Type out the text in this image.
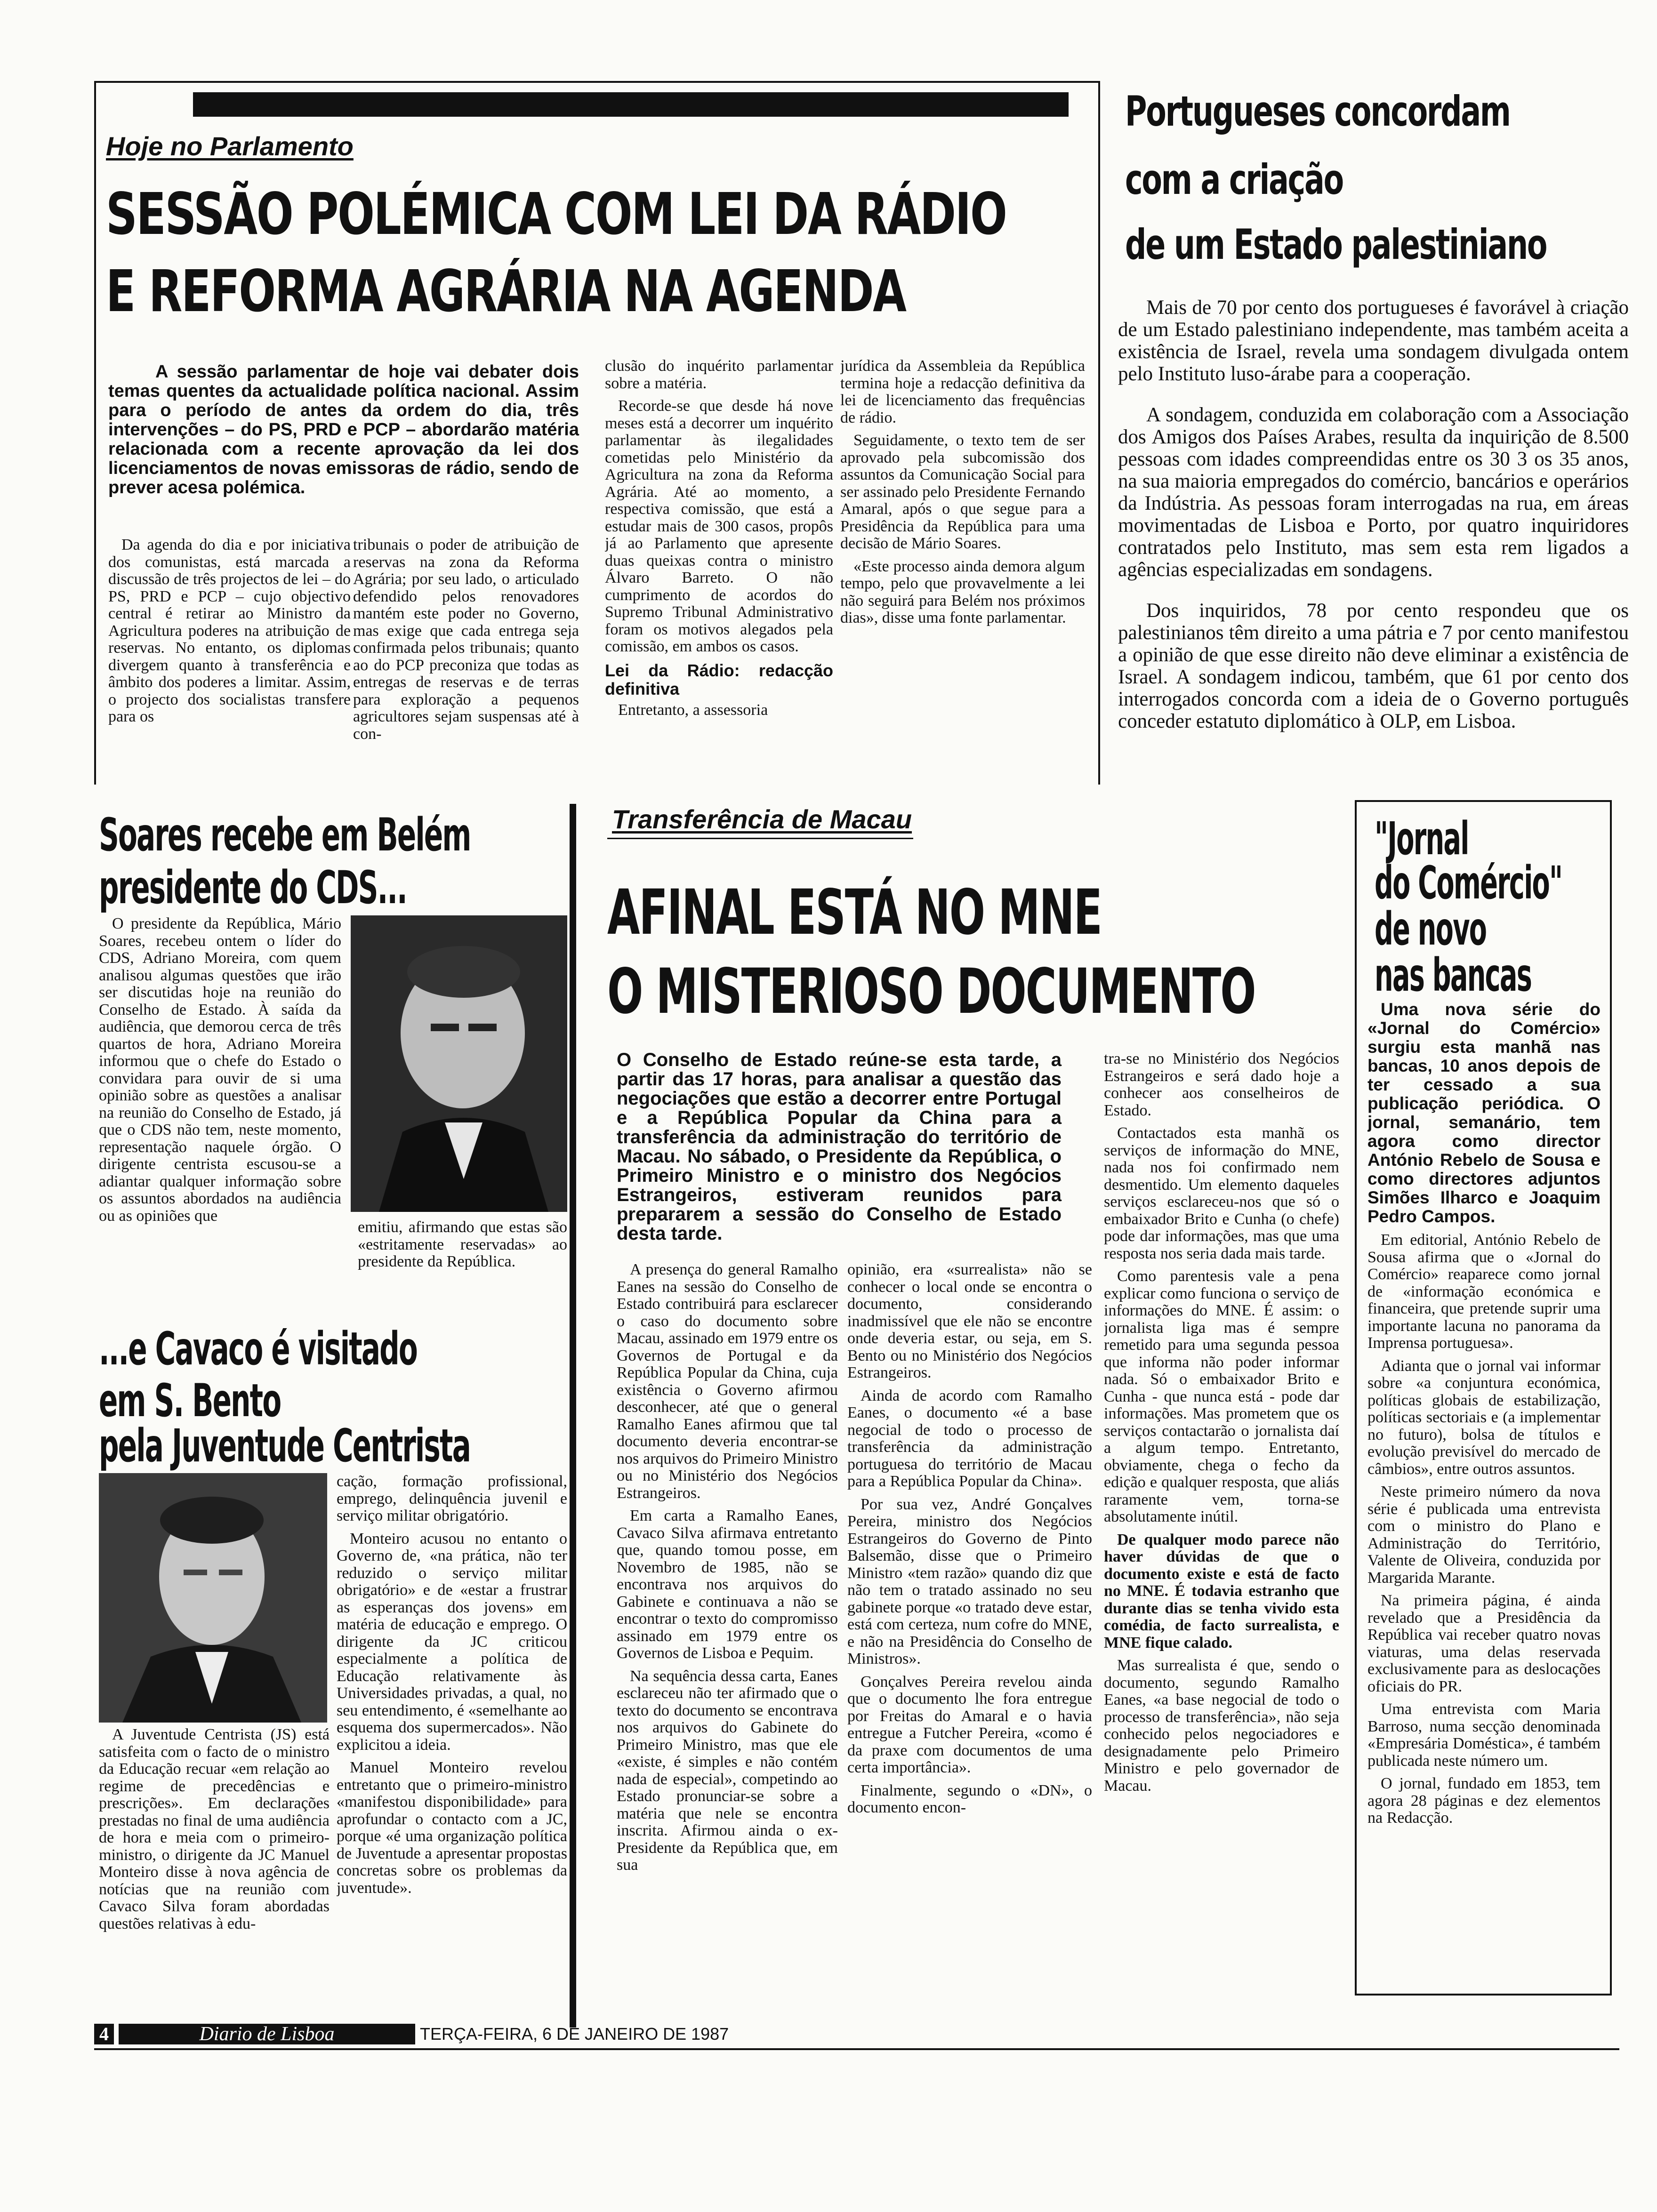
Hoje no Parlamento
SESSÃO POLÉMICA COM LEI DA RÁDIO
E REFORMA AGRÁRIA NA AGENDA
A sessão parlamentar de hoje vai debater dois temas quentes da actualidade política nacional. Assim para o período de antes da ordem do dia, três intervenções – do PS, PRD e PCP – abordarão matéria relacionada com a recente aprovação da lei dos licenciamentos de novas emissoras de rádio, sendo de prever acesa polémica.

Da agenda do dia e por iniciativa dos comunistas, está marcada a discussão de três projectos de lei – do PS, PRD e PCP – cujo objectivo central é retirar ao Ministro da Agricultura poderes na atribuição de reservas. No entanto, os diplomas divergem quanto à transferência e âmbito dos poderes a limitar. Assim, o projecto dos socialistas transfere para os

tribunais o poder de atribuição de reservas na zona da Reforma Agrária; por seu lado, o articulado defendido pelos renovadores mantém este poder no Governo, mas exige que cada entrega seja confirmada pelos tribunais; quanto ao do PCP preconiza que todas as entregas de reservas e de terras para exploração a pequenos agricultores sejam suspensas até à con-

clusão do inquérito parlamentar sobre a matéria.

Recorde-se que desde há nove meses está a decorrer um inquérito parlamentar às ilegalidades cometidas pelo Ministério da Agricultura na zona da Reforma Agrária. Até ao momento, a respectiva comissão, que está a estudar mais de 300 casos, propôs já ao Parlamento que apresente duas queixas contra o ministro Álvaro Barreto. O não cumprimento de acordos do Supremo Tribunal Administrativo foram os motivos alegados pela comissão, em ambos os casos.

Lei da Rádio: redacção definitiva

Entretanto, a assessoria

jurídica da Assembleia da República termina hoje a redacção definitiva da lei de licenciamento das frequências de rádio.

Seguidamente, o texto tem de ser aprovado pela subcomissão dos assuntos da Comunicação Social para ser assinado pelo Presidente Fernando Amaral, após o que segue para a Presidência da República para uma decisão de Mário Soares.

«Este processo ainda demora algum tempo, pelo que provavelmente a lei não seguirá para Belém nos próximos dias», disse uma fonte parlamentar.

Portugueses concordam
com a criação
de um Estado palestiniano

Mais de 70 por cento dos portugueses é favorável à criação de um Estado palestiniano independente, mas também aceita a existência de Israel, revela uma sondagem divulgada ontem pelo Instituto luso-árabe para a cooperação.

A sondagem, conduzida em colaboração com a Associação dos Amigos dos Países Arabes, resulta da inquirição de 8.500 pessoas com idades compreendidas entre os 30 3 os 35 anos, na sua maioria empregados do comércio, bancários e operários da Indústria. As pessoas foram interrogadas na rua, em áreas movimentadas de Lisboa e Porto, por quatro inquiridores contratados pelo Instituto, mas sem esta rem ligados a agências especializadas em sondagens.

Dos inquiridos, 78 por cento respondeu que os palestinianos têm direito a uma pátria e 7 por cento manifestou a opinião de que esse direito não deve eliminar a existência de Israel. A sondagem indicou, também, que 61 por cento dos interrogados concorda com a ideia de o Governo português conceder estatuto diplomático à OLP, em Lisboa.

Soares recebe em Belém
presidente do CDS...

O presidente da República, Mário Soares, recebeu ontem o líder do CDS, Adriano Moreira, com quem analisou algumas questões que irão ser discutidas hoje na reunião do Conselho de Estado. À saída da audiência, que demorou cerca de três quartos de hora, Adriano Moreira informou que o chefe do Estado o convidara para ouvir de si uma opinião sobre as questões a analisar na reunião do Conselho de Estado, já que o CDS não tem, neste momento, representação naquele órgão. O dirigente centrista escusou-se a adiantar qualquer informação sobre os assuntos abordados na audiência ou as opiniões que

emitiu, afirmando que estas são «estritamente reservadas» ao presidente da República.

...e Cavaco é visitado
em S. Bento
pela Juventude Centrista

A Juventude Centrista (JS) está satisfeita com o facto de o ministro da Educação recuar «em relação ao regime de precedências e prescrições». Em declarações prestadas no final de uma audiência de hora e meia com o primeiro-ministro, o dirigente da JC Manuel Monteiro disse à nova agência de notícias que na reunião com Cavaco Silva foram abordadas questões relativas à edu-

cação, formação profissional, emprego, delinquência juvenil e serviço militar obrigatório.

Monteiro acusou no entanto o Governo de, «na prática, não ter reduzido o serviço militar obrigatório» e de «estar a frustrar as esperanças dos jovens» em matéria de educação e emprego. O dirigente da JC criticou especialmente a política de Educação relativamente às Universidades privadas, a qual, no seu entendimento, é «semelhante ao esquema dos supermercados». Não explicitou a ideia.

Manuel Monteiro revelou entretanto que o primeiro-ministro «manifestou disponibilidade» para aprofundar o contacto com a JC, porque «é uma organização política de Juventude a apresentar propostas concretas sobre os problemas da juventude».

Transferência de Macau
AFINAL ESTÁ NO MNE
O MISTERIOSO DOCUMENTO
O Conselho de Estado reúne-se esta tarde, a partir das 17 horas, para analisar a questão das negociações que estão a decorrer entre Portugal e a República Popular da China para a transferência da administração do território de Macau. No sábado, o Presidente da República, o Primeiro Ministro e o ministro dos Negócios Estrangeiros, estiveram reunidos para prepararem a sessão do Conselho de Estado desta tarde.

A presença do general Ramalho Eanes na sessão do Conselho de Estado contribuirá para esclarecer o caso do documento sobre Macau, assinado em 1979 entre os Governos de Portugal e da República Popular da China, cuja existência o Governo afirmou desconhecer, até que o general Ramalho Eanes afirmou que tal documento deveria encontrar-se nos arquivos do Primeiro Ministro ou no Ministério dos Negócios Estrangeiros.

Em carta a Ramalho Eanes, Cavaco Silva afirmava entretanto que, quando tomou posse, em Novembro de 1985, não se encontrava nos arquivos do Gabinete e continuava a não se encontrar o texto do compromisso assinado em 1979 entre os Governos de Lisboa e Pequim.

Na sequência dessa carta, Eanes esclareceu não ter afirmado que o texto do documento se encontrava nos arquivos do Gabinete do Primeiro Ministro, mas que ele «existe, é simples e não contém nada de especial», competindo ao Estado pronunciar-se sobre a matéria que nele se encontra inscrita. Afirmou ainda o ex-Presidente da República que, em sua

opinião, era «surrealista» não se conhecer o local onde se encontra o documento, considerando inadmissível que ele não se encontre onde deveria estar, ou seja, em S. Bento ou no Ministério dos Negócios Estrangeiros.

Ainda de acordo com Ramalho Eanes, o documento «é a base negocial de todo o processo de transferência da administração portuguesa do território de Macau para a República Popular da China».

Por sua vez, André Gonçalves Pereira, ministro dos Negócios Estrangeiros do Governo de Pinto Balsemão, disse que o Primeiro Ministro «tem razão» quando diz que não tem o tratado assinado no seu gabinete porque «o tratado deve estar, está com certeza, num cofre do MNE, e não na Presidência do Conselho de Ministros».

Gonçalves Pereira revelou ainda que o documento lhe fora entregue por Freitas do Amaral e o havia entregue a Futcher Pereira, «como é da praxe com documentos de uma certa importância».

Finalmente, segundo o «DN», o documento encon-

tra-se no Ministério dos Negócios Estrangeiros e será dado hoje a conhecer aos conselheiros de Estado.

Contactados esta manhã os serviços de informação do MNE, nada nos foi confirmado nem desmentido. Um elemento daqueles serviços esclareceu-nos que só o embaixador Brito e Cunha (o chefe) pode dar informações, mas que uma resposta nos seria dada mais tarde.

Como parentesis vale a pena explicar como funciona o serviço de informações do MNE. É assim: o jornalista liga mas é sempre remetido para uma segunda pessoa que informa não poder informar nada. Só o embaixador Brito e Cunha - que nunca está - pode dar informações. Mas prometem que os serviços contactarão o jornalista daí a algum tempo. Entretanto, obviamente, chega o fecho da edição e qualquer resposta, que aliás raramente vem, torna-se absolutamente inútil.

De qualquer modo parece não haver dúvidas de que o documento existe e está de facto no MNE. É todavia estranho que durante dias se tenha vivido esta comédia, de facto surrealista, e MNE fique calado.

Mas surrealista é que, sendo o documento, segundo Ramalho Eanes, «a base negocial de todo o processo de transferência», não seja conhecido pelos negociadores e designadamente pelo Primeiro Ministro e pelo governador de Macau.

"Jornal
do Comércio"
de novo
nas bancas

Uma nova série do «Jornal do Comércio» surgiu esta manhã nas bancas, 10 anos depois de ter cessado a sua publicação periódica. O jornal, semanário, tem agora como director António Rebelo de Sousa e como directores adjuntos Simões Ilharco e Joaquim Pedro Campos.

Em editorial, António Rebelo de Sousa afirma que o «Jornal do Comércio» reaparece como jornal de «informação económica e financeira, que pretende suprir uma importante lacuna no panorama da Imprensa portuguesa».

Adianta que o jornal vai informar sobre «a conjuntura económica, políticas globais de estabilização, políticas sectoriais e (a implementar no futuro), bolsa de títulos e evolução previsível do mercado de câmbios», entre outros assuntos.

Neste primeiro número da nova série é publicada uma entrevista com o ministro do Plano e Administração do Território, Valente de Oliveira, conduzida por Margarida Marante.

Na primeira página, é ainda revelado que a Presidência da República vai receber quatro novas viaturas, uma delas reservada exclusivamente para as deslocações oficiais do PR.

Uma entrevista com Maria Barroso, numa secção denominada «Empresária Doméstica», é também publicada neste número um.

O jornal, fundado em 1853, tem agora 28 páginas e dez elementos na Redacção.

4	Diario de Lisboa	TERÇA-FEIRA, 6 DE JANEIRO DE 1987
